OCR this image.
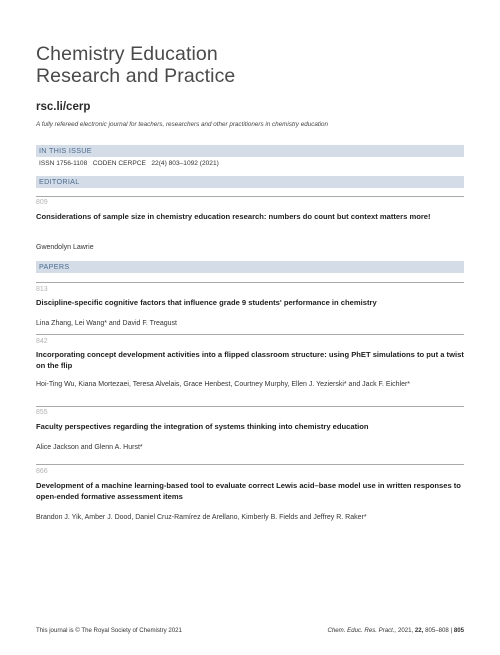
Chemistry Education
Research and Practice
rsc.li/cerp
A fully refereed electronic journal for teachers, researchers and other practitioners in chemistry education
IN THIS ISSUE
ISSN 1756-1108   CODEN CERPCE   22(4) 803–1092 (2021)
EDITORIAL
809
Considerations of sample size in chemistry education research: numbers do count but context matters more!
Gwendolyn Lawrie
PAPERS
813
Discipline-specific cognitive factors that influence grade 9 students' performance in chemistry
Lina Zhang, Lei Wang* and David F. Treagust
842
Incorporating concept development activities into a flipped classroom structure: using PhET simulations to put a twist on the flip
Hoi-Ting Wu, Kiana Mortezaei, Teresa Alvelais, Grace Henbest, Courtney Murphy, Ellen J. Yezierski* and Jack F. Eichler*
855
Faculty perspectives regarding the integration of systems thinking into chemistry education
Alice Jackson and Glenn A. Hurst*
866
Development of a machine learning-based tool to evaluate correct Lewis acid–base model use in written responses to open-ended formative assessment items
Brandon J. Yik, Amber J. Dood, Daniel Cruz-Ramírez de Arellano, Kimberly B. Fields and Jeffrey R. Raker*
This journal is © The Royal Society of Chemistry 2021	Chem. Educ. Res. Pract., 2021, 22, 805–808 | 805
